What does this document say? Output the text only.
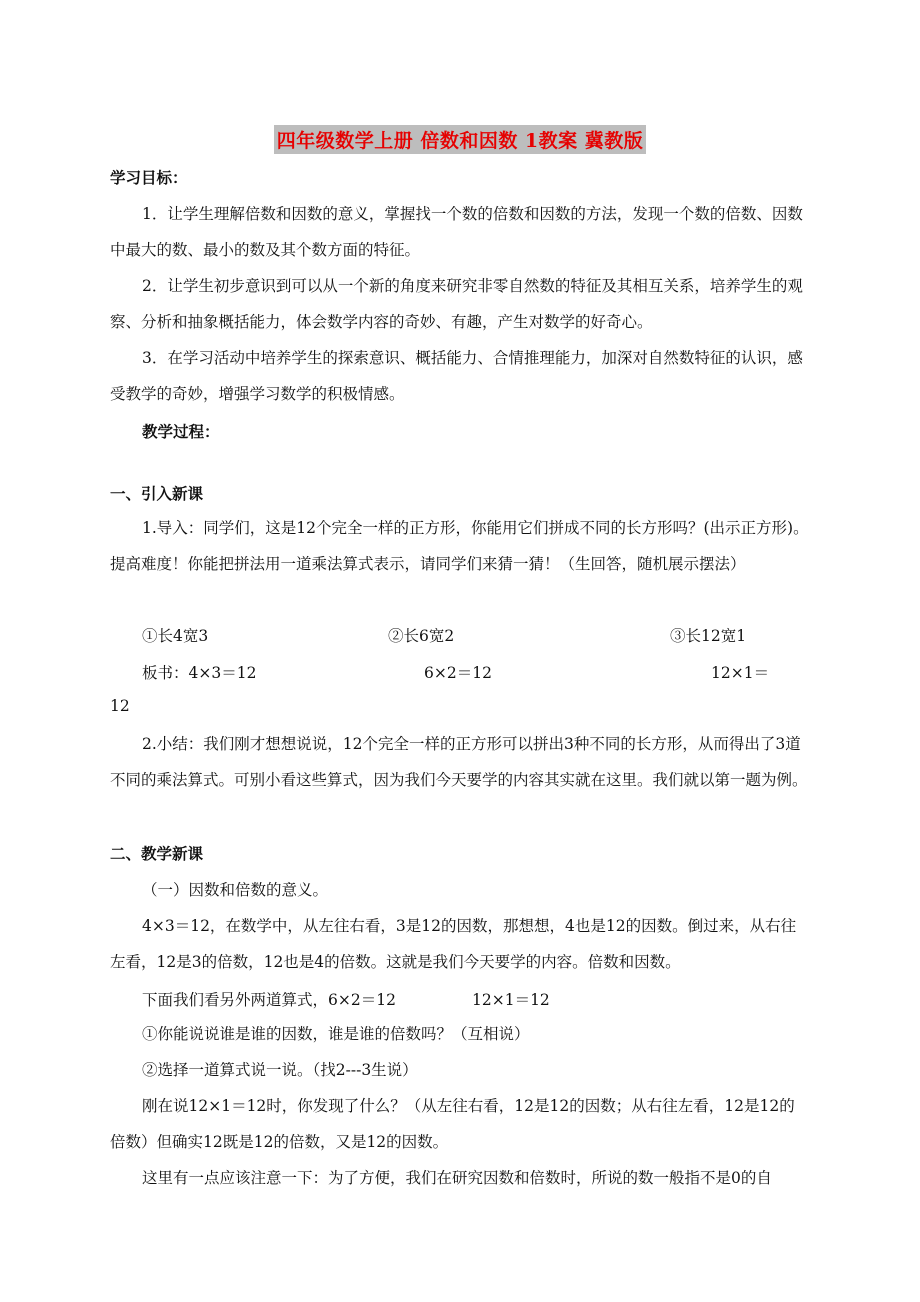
四年级数学上册 倍数和因数 1教案 冀教版
学习目标：
1．让学生理解倍数和因数的意义，掌握找一个数的倍数和因数的方法，发现一个数的倍数、因数中最大的数、最小的数及其个数方面的特征。
2．让学生初步意识到可以从一个新的角度来研究非零自然数的特征及其相互关系，培养学生的观察、分析和抽象概括能力，体会数学内容的奇妙、有趣，产生对数学的好奇心。
3．在学习活动中培养学生的探索意识、概括能力、合情推理能力，加深对自然数特征的认识，感受教学的奇妙，增强学习数学的积极情感。
教学过程：
一、引入新课
1.导入：同学们，这是12个完全一样的正方形，你能用它们拼成不同的长方形吗？(出示正方形)。提高难度！你能把拼法用一道乘法算式表示，请同学们来猜一猜！（生回答，随机展示摆法）
①长4宽3	②长6宽2	③长12宽1
板书：4×3＝12	6×2＝12	12×1＝
12
2.小结：我们刚才想想说说，12个完全一样的正方形可以拼出3种不同的长方形，从而得出了3道不同的乘法算式。可别小看这些算式，因为我们今天要学的内容其实就在这里。我们就以第一题为例。
二、教学新课
（一）因数和倍数的意义。
4×3＝12，在数学中，从左往右看，3是12的因数，那想想，4也是12的因数。倒过来，从右往左看，12是3的倍数，12也是4的倍数。这就是我们今天要学的内容。倍数和因数。
下面我们看另外两道算式，6×2＝12	12×1＝12
①你能说说谁是谁的因数，谁是谁的倍数吗？（互相说）
②选择一道算式说一说。（找2---3生说）
刚在说12×1＝12时，你发现了什么？（从左往右看，12是12的因数；从右往左看，12是12的倍数）但确实12既是12的倍数，又是12的因数。
这里有一点应该注意一下：为了方便，我们在研究因数和倍数时，所说的数一般指不是0的自
